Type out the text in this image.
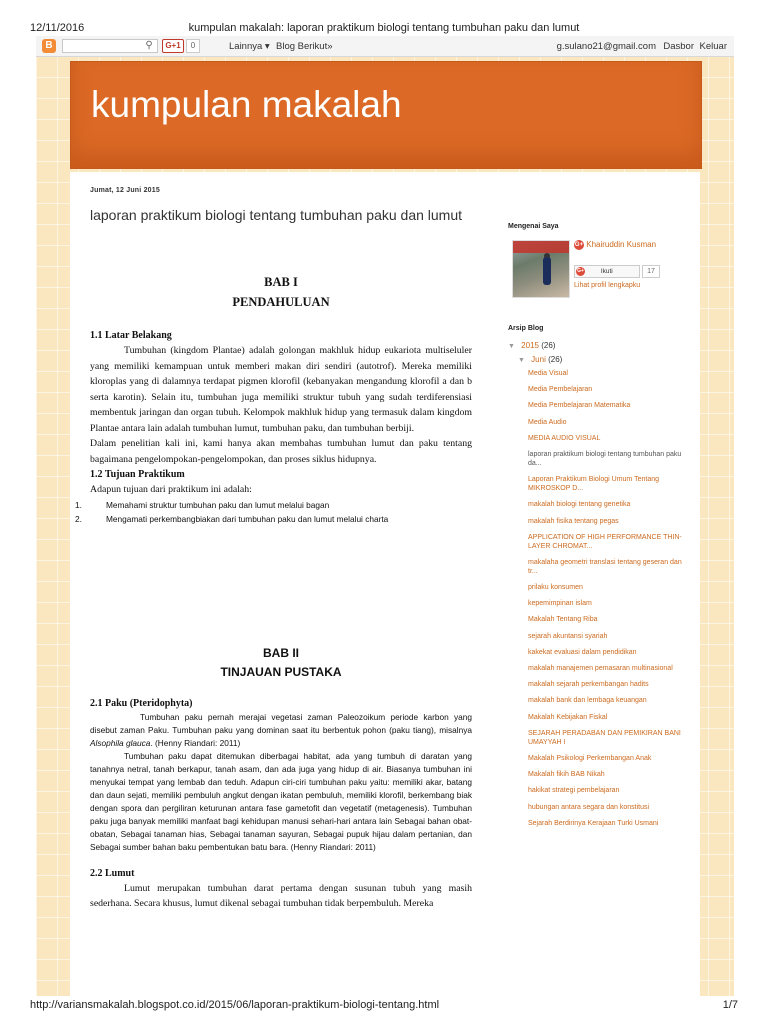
12/11/2016	kumpulan makalah: laporan praktikum biologi tentang tumbuhan paku dan lumut
B	⚲	G+1	0	Lainnya ▾ Blog Berikut»	g.sulano21@gmail.com Dasbor Keluar
kumpulan makalah
Jumat, 12 Juni 2015
laporan praktikum biologi tentang tumbuhan paku dan lumut
BAB I
PENDAHULUAN

1.1 Latar Belakang

Tumbuhan (kingdom Plantae) adalah golongan makhluk hidup eukariota multiseluler yang memiliki kemampuan untuk memberi makan diri sendiri (autotrof). Mereka memiliki kloroplas yang di dalamnya terdapat pigmen klorofil (kebanyakan mengandung klorofil a dan b serta karotin). Selain itu, tumbuhan juga memiliki struktur tubuh yang sudah terdiferensiasi membentuk jaringan dan organ tubuh. Kelompok makhluk hidup yang termasuk dalam kingdom Plantae antara lain adalah tumbuhan lumut, tumbuhan paku, dan tumbuhan berbiji.

Dalam penelitian kali ini, kami hanya akan membahas tumbuhan lumut dan paku tentang bagaimana pengelompokan-pengelompokan, dan proses siklus hidupnya.

1.2 Tujuan Praktikum

Adapun tujuan dari praktikum ini adalah:

1.	Memahami struktur tumbuhan paku dan lumut melalui bagan
2.	Mengamati perkembangbiakan dari tumbuhan paku dan lumut melalui charta
BAB II
TINJAUAN PUSTAKA

2.1 Paku (Pteridophyta)

Tumbuhan paku pernah merajai vegetasi zaman Paleozoikum periode karbon yang disebut zaman Paku. Tumbuhan paku yang dominan saat itu berbentuk pohon (paku tiang), misalnya Alsophila glauca. (Henny Riandari: 2011)

Tumbuhan paku dapat ditemukan diberbagai habitat, ada yang tumbuh di daratan yang tanahnya netral, tanah berkapur, tanah asam, dan ada juga yang hidup di air. Biasanya tumbuhan ini menyukai tempat yang lembab dan teduh. Adapun ciri-ciri tumbuhan paku yaitu: memiliki akar, batang dan daun sejati, memiliki pembuluh angkut dengan ikatan pembuluh, memiliki klorofil, berkembang biak dengan spora dan pergiliran keturunan antara fase gametofit dan vegetatif (metagenesis). Tumbuhan paku juga banyak memiliki manfaat bagi kehidupan manusi sehari-hari antara lain Sebagai bahan obat-obatan, Sebagai tanaman hias, Sebagai tanaman sayuran, Sebagai pupuk hijau dalam pertanian, dan Sebagai sumber bahan baku pembentukan batu bara. (Henny Riandari: 2011)

2.2 Lumut

Lumut merupakan tumbuhan darat pertama dengan susunan tubuh yang masih sederhana. Secara khusus, lumut dikenal sebagai tumbuhan tidak berpembuluh. Mereka

Mengenai Saya
G+ Khairuddin Kusman
G+	Ikuti	17
Lihat profil lengkapku
Arsip Blog
▼ 2015 (26)
▼ Juni (26)
Media Visual
Media Pembelajaran
Media Pembelajaran Matematika
Media Audio
MEDIA AUDIO VISUAL
laporan praktikum biologi tentang tumbuhan paku da...
Laporan Praktikum Biologi Umum Tentang MIKROSKOP D...
makalah biologi tentang genetika
makalah fisika tentang pegas
APPLICATION OF HIGH PERFORMANCE THIN-LAYER CHROMAT...
makalaha geometri translasi tentang geseran dan tr...
prilaku konsumen
kepemimpinan islam
Makalah Tentang Riba
sejarah akuntansi syariah
kakekat evaluasi dalam pendidikan
makalah manajemen pemasaran multinasional
makalah sejarah perkembangan hadits
makalah bank dan lembaga keuangan
Makalah Kebijakan Fiskal
SEJARAH PERADABAN DAN PEMIKIRAN BANI UMAYYAH I
Makalah Psikologi Perkembangan Anak
Makalah fikih BAB Nikah
hakikat strategi pembelajaran
hubungan antara segara dan konstitusi
Sejarah Berdirinya Kerajaan Turki Usmani
http://variansmakalah.blogspot.co.id/2015/06/laporan-praktikum-biologi-tentang.html	1/7
